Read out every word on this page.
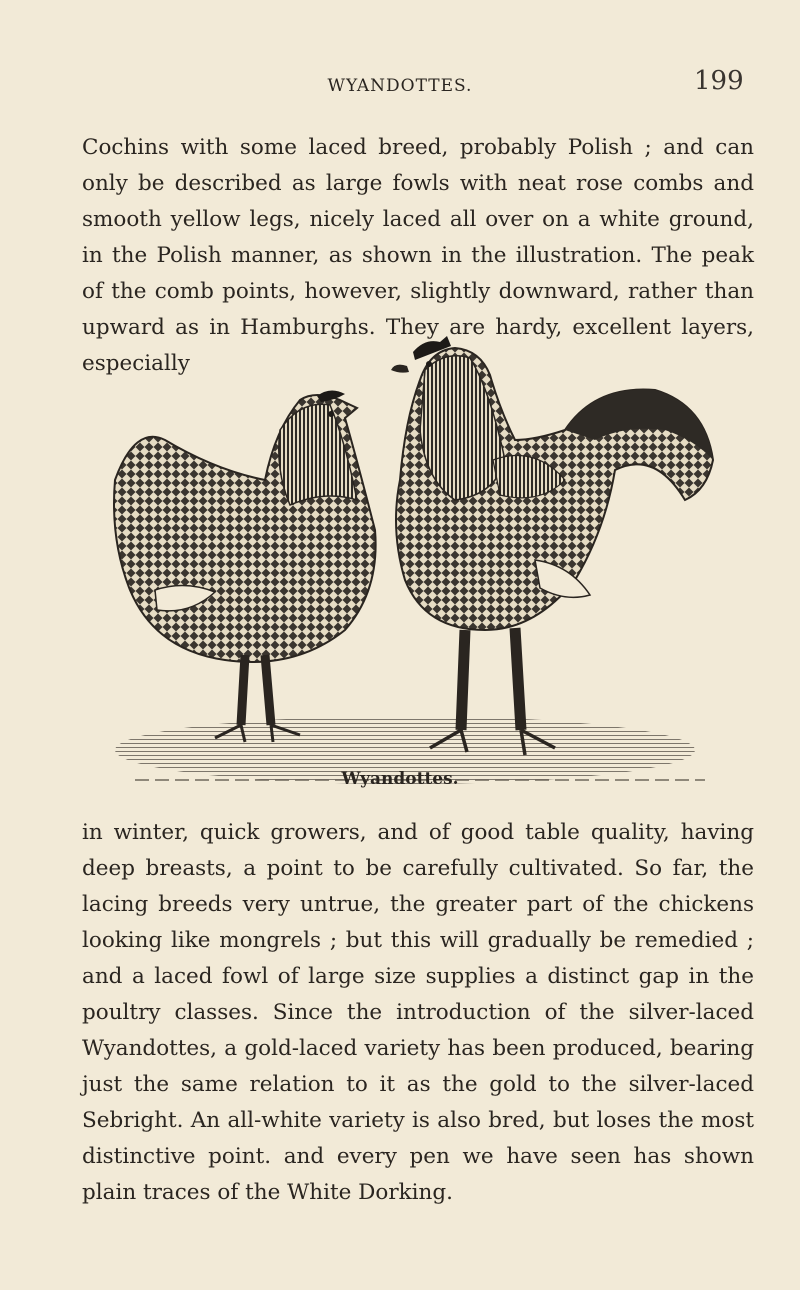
WYANDOTTES.	199

Cochins with some laced breed, probably Polish ; and can only be described as large fowls with neat rose combs and smooth yellow legs, nicely laced all over on a white ground, in the Polish manner, as shown in the illustration. The peak of the comb points, however, slightly downward, rather than upward as in Hamburghs. They are hardy, excellent layers, especially

Wyandottes.

in winter, quick growers, and of good table quality, having deep breasts, a point to be carefully cultivated. So far, the lacing breeds very untrue, the greater part of the chickens looking like mongrels ; but this will gradually be remedied ; and a laced fowl of large size supplies a distinct gap in the poultry classes. Since the introduction of the silver-laced Wyandottes, a gold-laced variety has been produced, bearing just the same relation to it as the gold to the silver-laced Sebright. An all-white variety is also bred, but loses the most distinctive point. and every pen we have seen has shown plain traces of the White Dorking.
